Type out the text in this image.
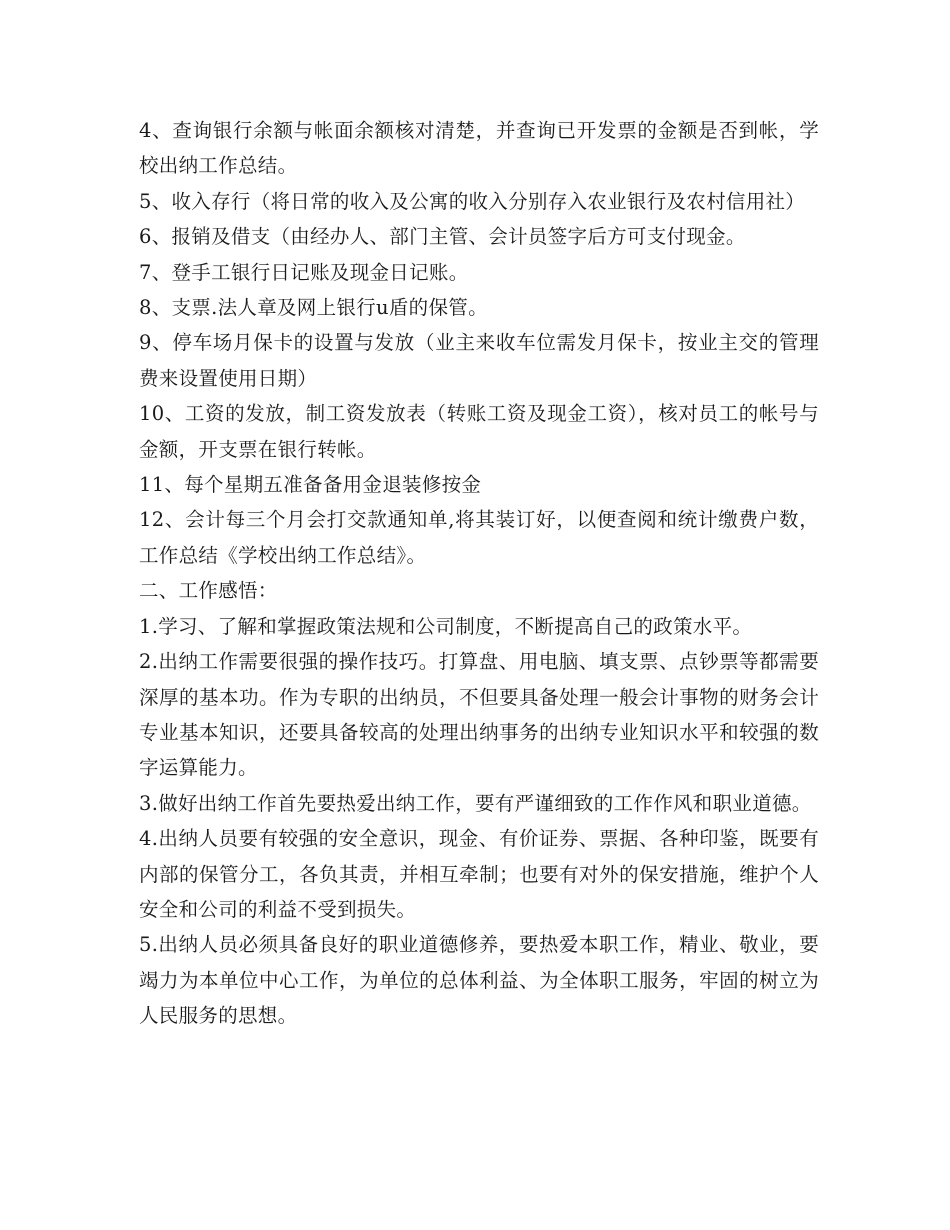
4、查询银行余额与帐面余额核对清楚，并查询已开发票的金额是否到帐，学校出纳工作总结。

5、收入存行（将日常的收入及公寓的收入分别存入农业银行及农村信用社）

6、报销及借支（由经办人、部门主管、会计员签字后方可支付现金。

7、登手工银行日记账及现金日记账。

8、支票.法人章及网上银行u盾的保管。

9、停车场月保卡的设置与发放（业主来收车位需发月保卡，按业主交的管理费来设置使用日期）

10、工资的发放，制工资发放表（转账工资及现金工资），核对员工的帐号与金额，开支票在银行转帐。

11、每个星期五准备备用金退装修按金

12、会计每三个月会打交款通知单,将其装订好，以便查阅和统计缴费户数，工作总结《学校出纳工作总结》。

二、工作感悟：

1.学习、了解和掌握政策法规和公司制度，不断提高自己的政策水平。

2.出纳工作需要很强的操作技巧。打算盘、用电脑、填支票、点钞票等都需要深厚的基本功。作为专职的出纳员，不但要具备处理一般会计事物的财务会计专业基本知识，还要具备较高的处理出纳事务的出纳专业知识水平和较强的数字运算能力。

3.做好出纳工作首先要热爱出纳工作，要有严谨细致的工作作风和职业道德。

4.出纳人员要有较强的安全意识，现金、有价证券、票据、各种印鉴，既要有内部的保管分工，各负其责，并相互牵制；也要有对外的保安措施，维护个人安全和公司的利益不受到损失。

5.出纳人员必须具备良好的职业道德修养，要热爱本职工作，精业、敬业，要竭力为本单位中心工作，为单位的总体利益、为全体职工服务，牢固的树立为人民服务的思想。
